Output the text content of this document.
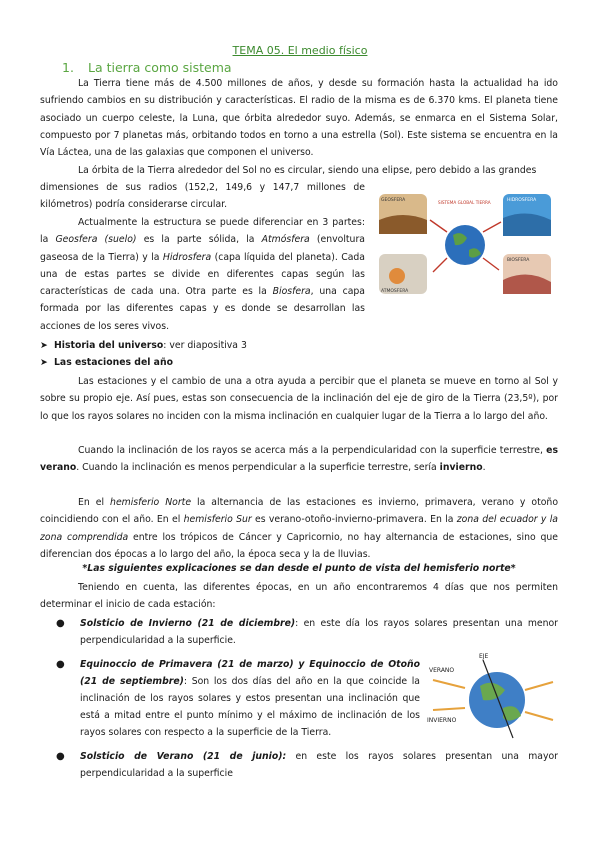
TEMA 05. El medio físico
1. La tierra como sistema
La Tierra tiene más de 4.500 millones de años, y desde su formación hasta la actualidad ha ido sufriendo cambios en su distribución y características. El radio de la misma es de 6.370 kms. El planeta tiene asociado un cuerpo celeste, la Luna, que órbita alrededor suyo. Además, se enmarca en el Sistema Solar, compuesto por 7 planetas más, orbitando todos en torno a una estrella (Sol). Este sistema se encuentra en la Vía Láctea, una de las galaxias que componen el universo.
La órbita de la Tierra alrededor del Sol no es circular, siendo una elipse, pero debido a las grandes
dimensiones de sus radios (152,2, 149,6 y 147,7 millones de kilómetros) podría considerarse circular.
Actualmente la estructura se puede diferenciar en 3 partes: la Geosfera (suelo) es la parte sólida, la Atmósfera (envoltura gaseosa de la Tierra) y la Hidrosfera (capa líquida del planeta). Cada una de estas partes se divide en diferentes capas según las características de cada una. Otra parte es la Biosfera, una capa formada por las diferentes capas y es donde se desarrollan las acciones de los seres vivos.
GEOSFERA	HIDROSFERA
SISTEMA GLOBAL TIERRA
ATMOSFERA
BIOSFERA
➤ Historia del universo: ver diapositiva 3
➤ Las estaciones del año
Las estaciones y el cambio de una a otra ayuda a percibir que el planeta se mueve en torno al Sol y sobre su propio eje. Así pues, estas son consecuencia de la inclinación del eje de giro de la Tierra (23,5º), por lo que los rayos solares no inciden con la misma inclinación en cualquier lugar de la Tierra a lo largo del año.
Cuando la inclinación de los rayos se acerca más a la perpendicularidad con la superficie terrestre, es verano. Cuando la inclinación es menos perpendicular a la superficie terrestre, sería invierno.
En el hemisferio Norte la alternancia de las estaciones es invierno, primavera, verano y otoño coincidiendo con el año. En el hemisferio Sur es verano-otoño-invierno-primavera. En la zona del ecuador y la zona comprendida entre los trópicos de Cáncer y Capricornio, no hay alternancia de estaciones, sino que diferencian dos épocas a lo largo del año, la época seca y la de lluvias.
*Las siguientes explicaciones se dan desde el punto de vista del hemisferio norte*
Teniendo en cuenta, las diferentes épocas, en un año encontraremos 4 días que nos permiten determinar el inicio de cada estación:
● Solsticio de Invierno (21 de diciembre): en este día los rayos solares presentan una menor perpendicularidad a la superficie.
● Equinoccio de Primavera (21 de marzo) y Equinoccio de Otoño (21 de septiembre): Son los dos días del año en la que coincide la inclinación de los rayos solares y estos presentan una inclinación que está a mitad entre el punto mínimo y el máximo de inclinación de los rayos solares con respecto a la superficie de la Tierra.
EJE
VERANO
INVIERNO
● Solsticio de Verano (21 de junio): en este los rayos solares presentan una mayor perpendicularidad a la superficie
